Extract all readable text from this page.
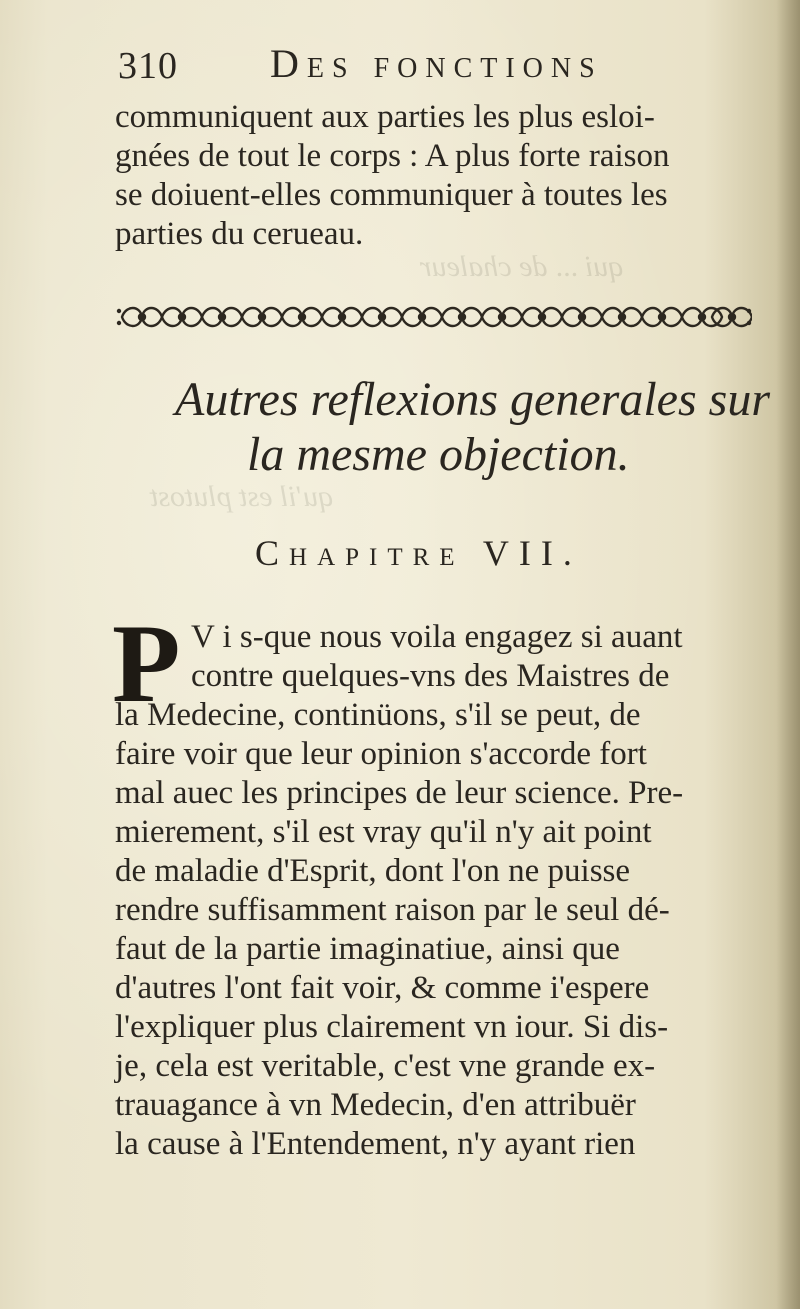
qui ... de chaleur
qu'il est plutost
310 Des fonctions
communiquent aux parties les plus esloi-
gnées de tout le corps : A plus forte raison
se doiuent-elles communiquer à toutes les
parties du cerueau.
Autres reflexions generales sur
la mesme objection.
Chapitre VII.
P V i s-que nous voila engagez si auant
contre quelques-vns des Maistres de
la Medecine, continüons, s'il se peut, de
faire voir que leur opinion s'accorde fort
mal auec les principes de leur science. Pre-
mierement, s'il est vray qu'il n'y ait point
de maladie d'Esprit, dont l'on ne puisse
rendre suffisamment raison par le seul dé-
faut de la partie imaginatiue, ainsi que
d'autres l'ont fait voir, & comme i'espere
l'expliquer plus clairement vn iour. Si dis-
je, cela est veritable, c'est vne grande ex-
trauagance à vn Medecin, d'en attribuër
la cause à l'Entendement, n'y ayant rien
